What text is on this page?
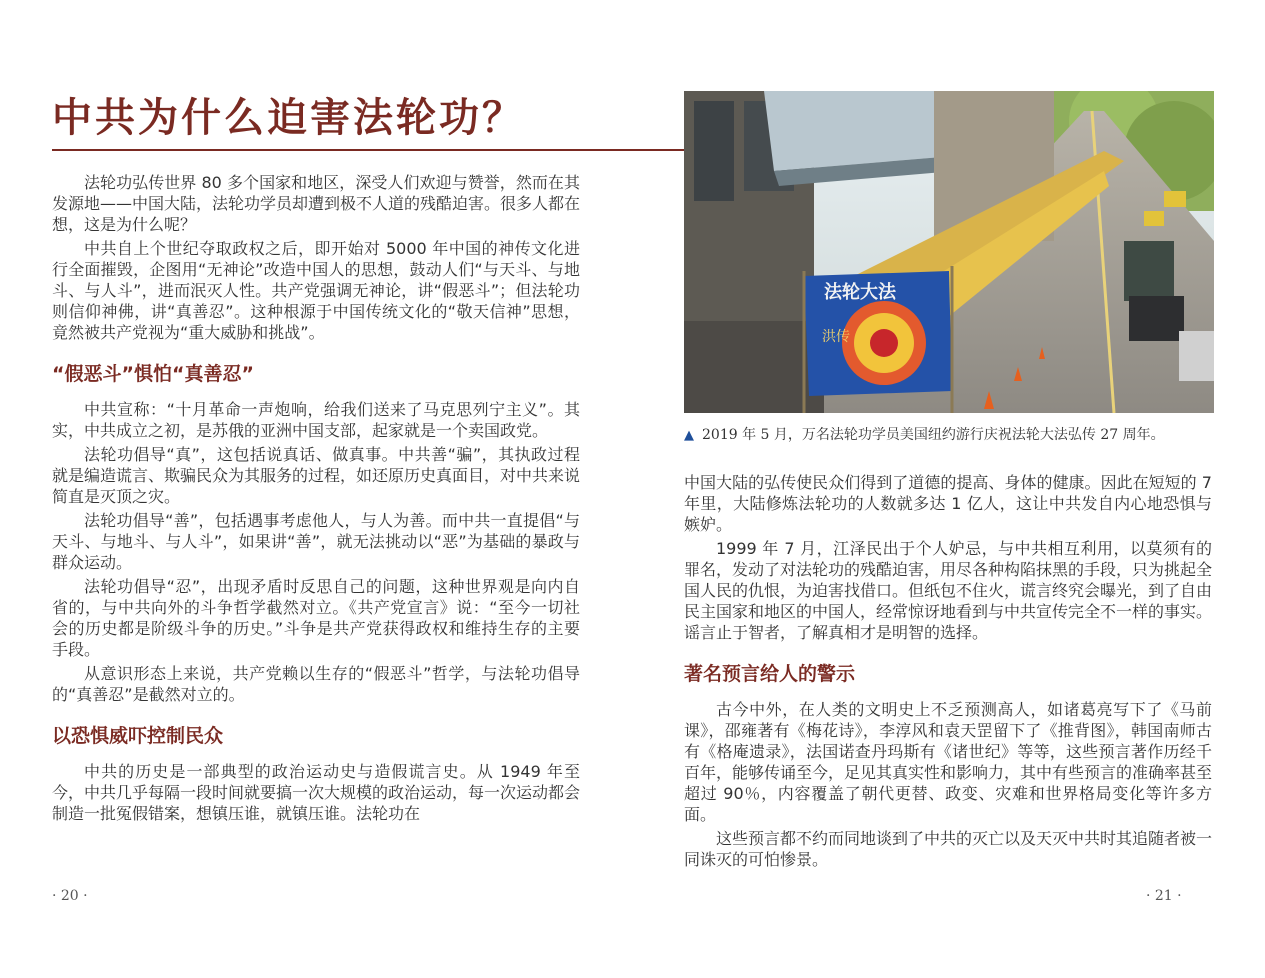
中共为什么迫害法轮功？

法轮功弘传世界 80 多个国家和地区，深受人们欢迎与赞誉，然而在其发源地——中国大陆，法轮功学员却遭到极不人道的残酷迫害。很多人都在想，这是为什么呢？

中共自上个世纪夺取政权之后，即开始对 5000 年中国的神传文化进行全面摧毁，企图用“无神论”改造中国人的思想，鼓动人们“与天斗、与地斗、与人斗”，进而泯灭人性。共产党强调无神论，讲“假恶斗”；但法轮功则信仰神佛，讲“真善忍”。这种根源于中国传统文化的“敬天信神”思想，竟然被共产党视为“重大威胁和挑战”。

“假恶斗”惧怕“真善忍”

中共宣称：“十月革命一声炮响，给我们送来了马克思列宁主义”。其实，中共成立之初，是苏俄的亚洲中国支部，起家就是一个卖国政党。

法轮功倡导“真”，这包括说真话、做真事。中共善“骗”，其执政过程就是编造谎言、欺骗民众为其服务的过程，如还原历史真面目，对中共来说简直是灭顶之灾。

法轮功倡导“善”，包括遇事考虑他人，与人为善。而中共一直提倡“与天斗、与地斗、与人斗”，如果讲“善”，就无法挑动以“恶”为基础的暴政与群众运动。

法轮功倡导“忍”，出现矛盾时反思自己的问题，这种世界观是向内自省的，与中共向外的斗争哲学截然对立。《共产党宣言》说：“至今一切社会的历史都是阶级斗争的历史。”斗争是共产党获得政权和维持生存的主要手段。

从意识形态上来说，共产党赖以生存的“假恶斗”哲学，与法轮功倡导的“真善忍”是截然对立的。

以恐惧威吓控制民众

中共的历史是一部典型的政治运动史与造假谎言史。从 1949 年至今，中共几乎每隔一段时间就要搞一次大规模的政治运动，每一次运动都会制造一批冤假错案，想镇压谁，就镇压谁。法轮功在

· 20 ·
法轮大法
洪传
▲ 2019 年 5 月，万名法轮功学员美国纽约游行庆祝法轮大法弘传 27 周年。

中国大陆的弘传使民众们得到了道德的提高、身体的健康。因此在短短的 7 年里，大陆修炼法轮功的人数就多达 1 亿人，这让中共发自内心地恐惧与嫉妒。

1999 年 7 月，江泽民出于个人妒忌，与中共相互利用，以莫须有的罪名，发动了对法轮功的残酷迫害，用尽各种构陷抹黑的手段，只为挑起全国人民的仇恨，为迫害找借口。但纸包不住火，谎言终究会曝光，到了自由民主国家和地区的中国人，经常惊讶地看到与中共宣传完全不一样的事实。谣言止于智者，了解真相才是明智的选择。

著名预言给人的警示

古今中外，在人类的文明史上不乏预测高人，如诸葛亮写下了《马前课》，邵雍著有《梅花诗》，李淳风和袁天罡留下了《推背图》，韩国南师古有《格庵遗录》，法国诺查丹玛斯有《诸世纪》等等，这些预言著作历经千百年，能够传诵至今，足见其真实性和影响力，其中有些预言的准确率甚至超过 90％，内容覆盖了朝代更替、政变、灾难和世界格局变化等许多方面。

这些预言都不约而同地谈到了中共的灭亡以及天灭中共时其追随者被一同诛灭的可怕惨景。

· 21 ·
